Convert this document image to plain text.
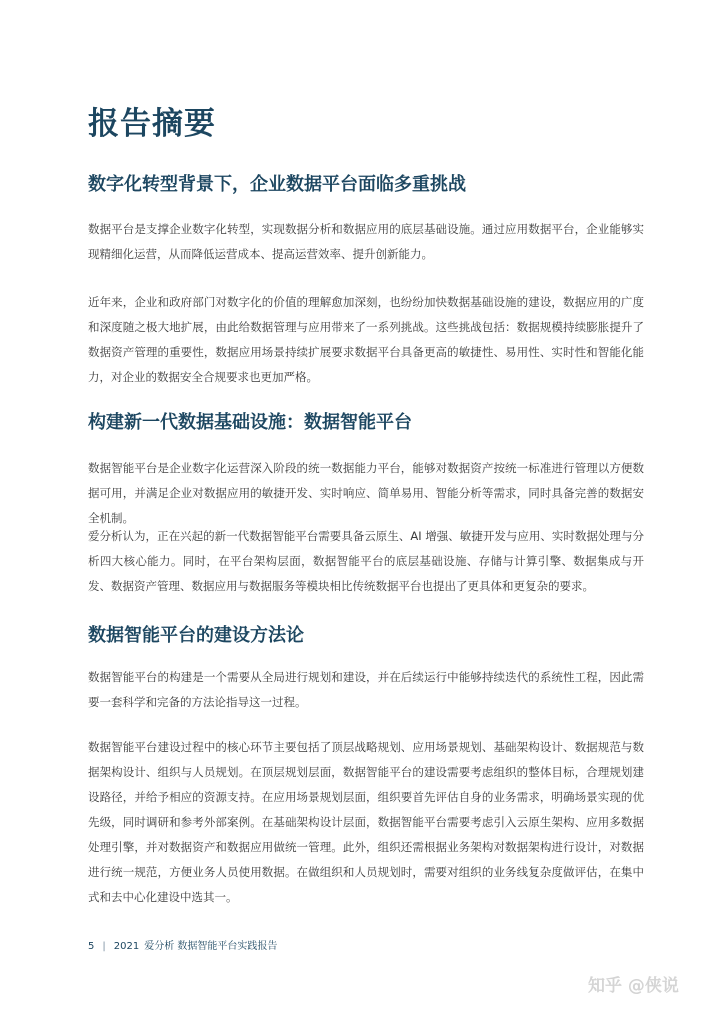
报告摘要
数字化转型背景下，企业数据平台面临多重挑战

数据平台是支撑企业数字化转型，实现数据分析和数据应用的底层基础设施。通过应用数据平台，企业能够实现精细化运营，从而降低运营成本、提高运营效率、提升创新能力。

近年来，企业和政府部门对数字化的价值的理解愈加深刻，也纷纷加快数据基础设施的建设，数据应用的广度和深度随之极大地扩展，由此给数据管理与应用带来了一系列挑战。这些挑战包括：数据规模持续膨胀提升了数据资产管理的重要性，数据应用场景持续扩展要求数据平台具备更高的敏捷性、易用性、实时性和智能化能力，对企业的数据安全合规要求也更加严格。

构建新一代数据基础设施：数据智能平台

数据智能平台是企业数字化运营深入阶段的统一数据能力平台，能够对数据资产按统一标准进行管理以方便数据可用，并满足企业对数据应用的敏捷开发、实时响应、简单易用、智能分析等需求，同时具备完善的数据安全机制。

爱分析认为，正在兴起的新一代数据智能平台需要具备云原生、AI 增强、敏捷开发与应用、实时数据处理与分析四大核心能力。同时，在平台架构层面，数据智能平台的底层基础设施、存储与计算引擎、数据集成与开发、数据资产管理、数据应用与数据服务等模块相比传统数据平台也提出了更具体和更复杂的要求。

数据智能平台的建设方法论

数据智能平台的构建是一个需要从全局进行规划和建设，并在后续运行中能够持续迭代的系统性工程，因此需要一套科学和完备的方法论指导这一过程。

数据智能平台建设过程中的核心环节主要包括了顶层战略规划、应用场景规划、基础架构设计、数据规范与数据架构设计、组织与人员规划。在顶层规划层面，数据智能平台的建设需要考虑组织的整体目标，合理规划建设路径，并给予相应的资源支持。在应用场景规划层面，组织要首先评估自身的业务需求，明确场景实现的优先级，同时调研和参考外部案例。在基础架构设计层面，数据智能平台需要考虑引入云原生架构、应用多数据处理引擎，并对数据资产和数据应用做统一管理。此外，组织还需根据业务架构对数据架构进行设计，对数据进行统一规范，方便业务人员使用数据。在做组织和人员规划时，需要对组织的业务线复杂度做评估，在集中式和去中心化建设中选其一。

5 | 2021 爱分析 数据智能平台实践报告
知乎 @侠说
